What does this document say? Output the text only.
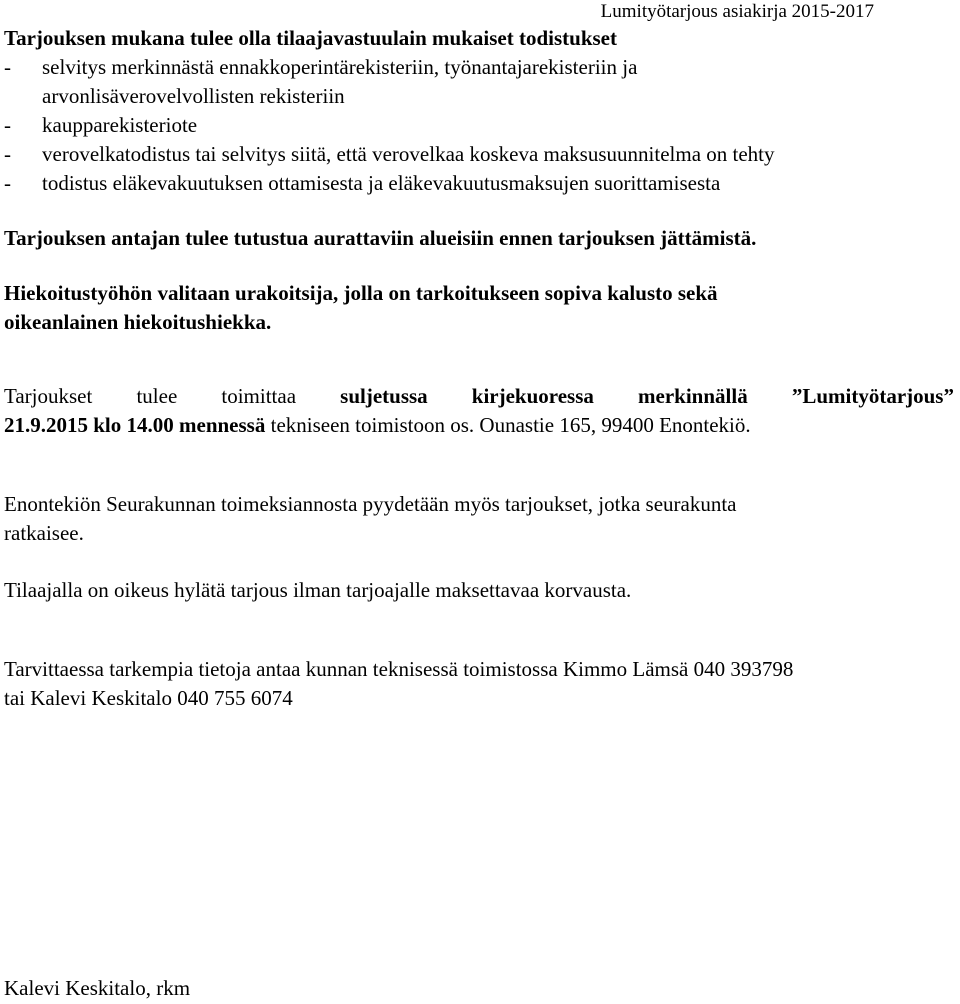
Lumityötarjous asiakirja 2015-2017

Tarjouksen mukana tulee olla tilaajavastuulain mukaiset todistukset

- selvitys merkinnästä ennakkoperintärekisteriin, työnantajarekisteriin ja
arvonlisäverovelvollisten rekisteriin
- kaupparekisteriote
- verovelkatodistus tai selvitys siitä, että verovelkaa koskeva maksusuunnitelma on tehty
- todistus eläkevakuutuksen ottamisesta ja eläkevakuutusmaksujen suorittamisesta

Tarjouksen antajan tulee tutustua aurattaviin alueisiin ennen tarjouksen jättämistä.

Hiekoitustyöhön valitaan urakoitsija, jolla on tarkoitukseen sopiva kalusto sekä
oikeanlainen hiekoitushiekka.

Tarjoukset tulee toimittaa suljetussa kirjekuoressa merkinnällä ”Lumityötarjous”
21.9.2015 klo 14.00 mennessä tekniseen toimistoon os. Ounastie 165, 99400 Enontekiö.

Enontekiön Seurakunnan toimeksiannosta pyydetään myös tarjoukset, jotka seurakunta
ratkaisee.

Tilaajalla on oikeus hylätä tarjous ilman tarjoajalle maksettavaa korvausta.

Tarvittaessa tarkempia tietoja antaa kunnan teknisessä toimistossa Kimmo Lämsä 040 393798
tai Kalevi Keskitalo 040 755 6074

Kalevi Keskitalo, rkm
